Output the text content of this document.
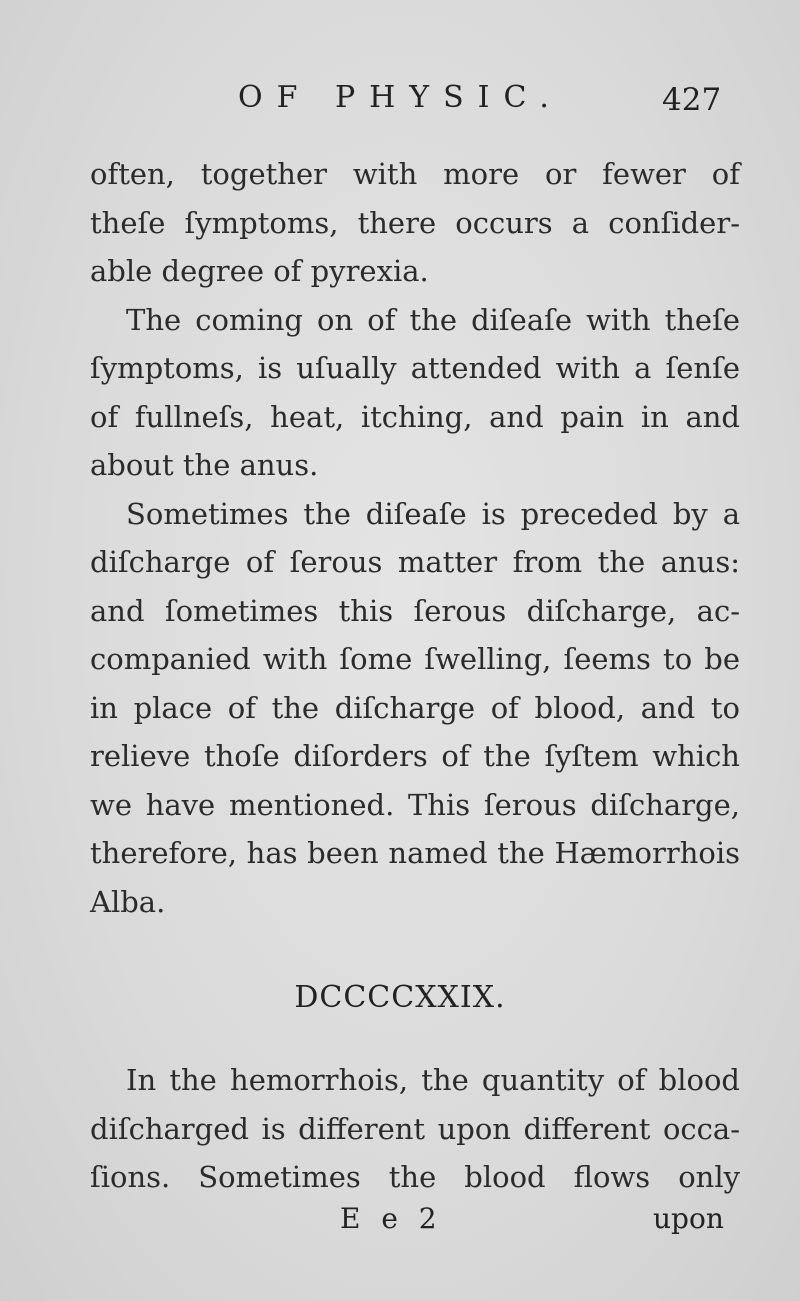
OF PHYSIC.	427
often, together with more or fewer of
theſe ſymptoms, there occurs a conſider-
able degree of pyrexia.
The coming on of the diſeaſe with theſe
ſymptoms, is uſually attended with a ſenſe
of fullneſs, heat, itching, and pain in and
about the anus.
Sometimes the diſeaſe is preceded by a
diſcharge of ſerous matter from the anus:
and ſometimes this ſerous diſcharge, ac-
companied with ſome ſwelling, ſeems to be
in place of the diſcharge of blood, and to
relieve thoſe diſorders of the ſyſtem which
we have mentioned. This ſerous diſcharge,
therefore, has been named the Hæmorrhois
Alba.
DCCCCXXIX.
In the hemorrhois, the quantity of blood
diſcharged is different upon different occa-
ſions. Sometimes the blood flows only
E e 2	upon
